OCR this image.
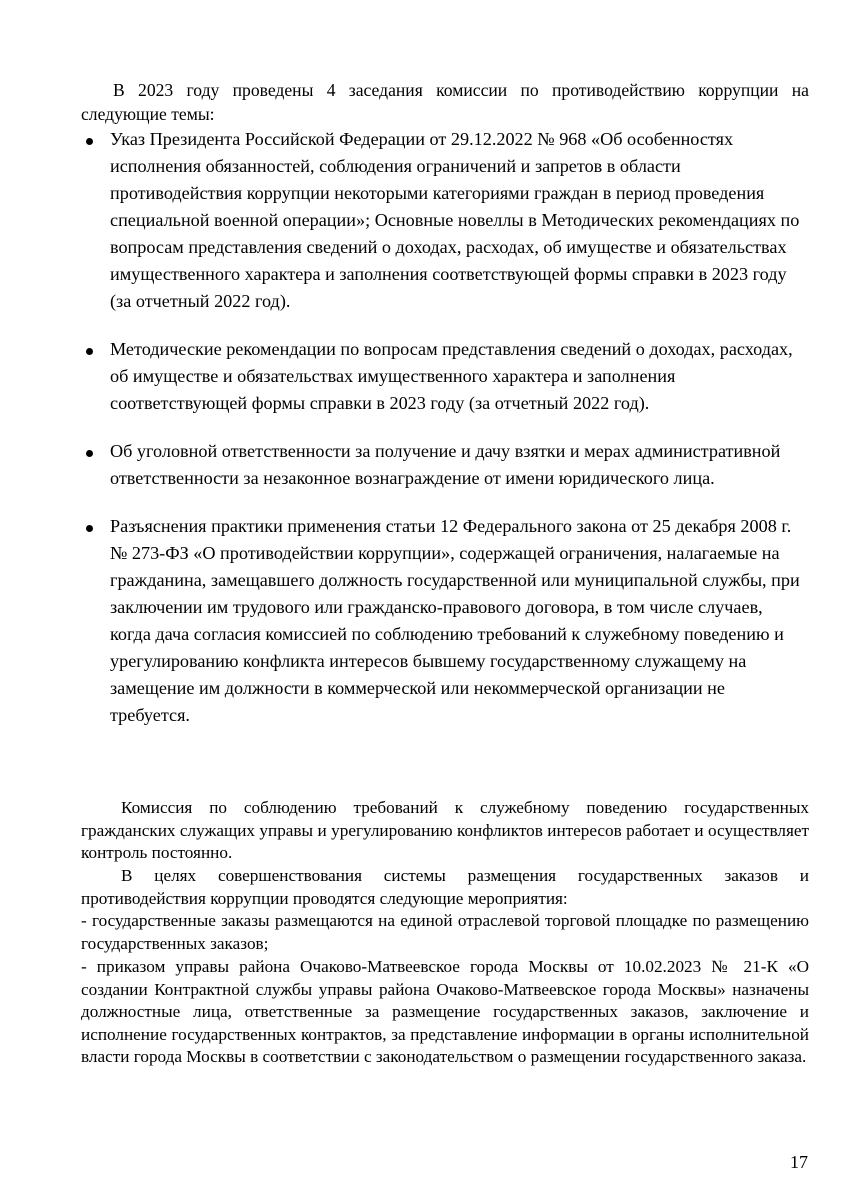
В 2023 году проведены 4 заседания комиссии по противодействию коррупции на следующие темы:

Указ Президента Российской Федерации от 29.12.2022 № 968 «Об особенностях исполнения обязанностей, соблюдения ограничений и запретов в области противодействия коррупции некоторыми категориями граждан в период проведения специальной военной операции»; Основные новеллы в Методических рекомендациях по вопросам представления сведений о доходах, расходах, об имуществе и обязательствах имущественного характера и заполнения соответствующей формы справки в 2023 году (за отчетный 2022 год).
Методические рекомендации по вопросам представления сведений о доходах, расходах, об имуществе и обязательствах имущественного характера и заполнения соответствующей формы справки в 2023 году (за отчетный 2022 год).
Об уголовной ответственности за получение и дачу взятки и мерах административной ответственности за незаконное вознаграждение от имени юридического лица.
Разъяснения практики применения статьи 12 Федерального закона от 25 декабря 2008 г. № 273-ФЗ «О противодействии коррупции», содержащей ограничения, налагаемые на гражданина, замещавшего должность государственной или муниципальной службы, при заключении им трудового или гражданско-правового договора, в том числе случаев, когда дача согласия комиссией по соблюдению требований к служебному поведению и урегулированию конфликта интересов бывшему государственному служащему на замещение им должности в коммерческой или некоммерческой организации не требуется.

Комиссия по соблюдению требований к служебному поведению государственных гражданских служащих управы и урегулированию конфликтов интересов работает и осуществляет контроль постоянно.

В целях совершенствования системы размещения государственных заказов и противодействия коррупции проводятся следующие мероприятия:

- государственные заказы размещаются на единой отраслевой торговой площадке по размещению государственных заказов;

- приказом управы района Очаково-Матвеевское города Москвы от 10.02.2023 № 21-К «О создании Контрактной службы управы района Очаково-Матвеевское города Москвы» назначены должностные лица, ответственные за размещение государственных заказов, заключение и исполнение государственных контрактов, за представление информации в органы исполнительной власти города Москвы в соответствии с законодательством о размещении государственного заказа.

17
